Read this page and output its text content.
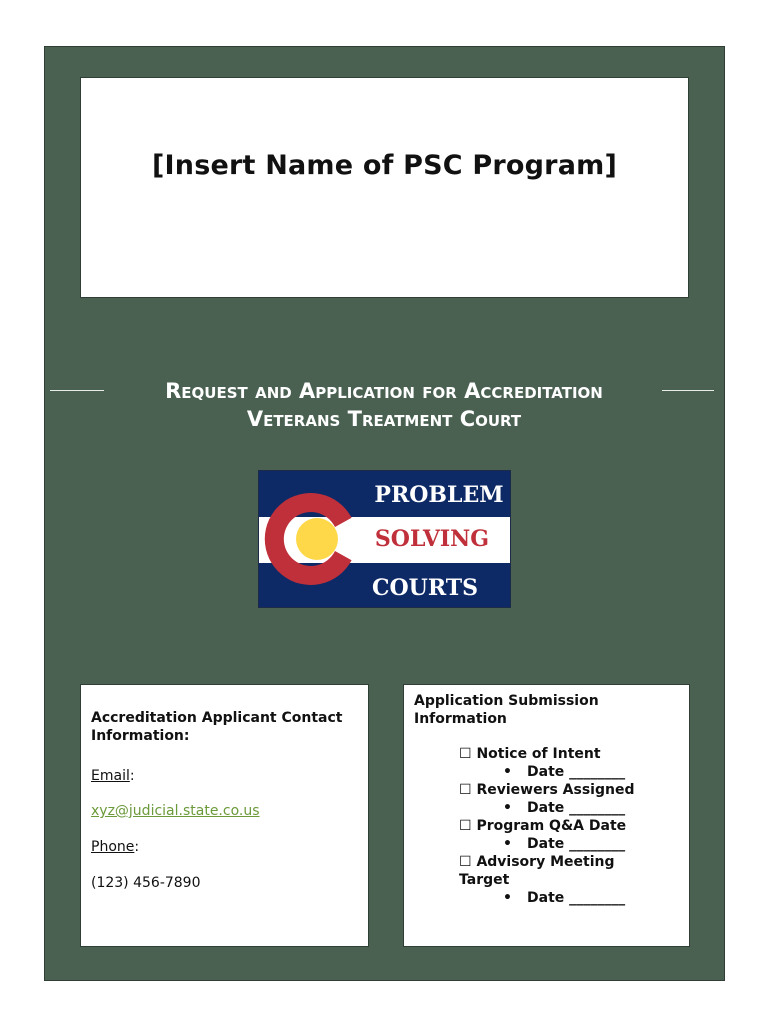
[Insert Name of PSC Program]
Request and Application for Accreditation
Veterans Treatment Court
PROBLEM
SOLVING
COURTS
Accreditation Applicant Contact Information:
Email:
xyz@judicial.state.co.us
Phone:
(123) 456-7890
Application Submission Information
☐ Notice of Intent
• Date ________
☐ Reviewers Assigned
• Date ________
☐ Program Q&A Date
• Date ________
☐ Advisory Meeting Target
• Date ________
